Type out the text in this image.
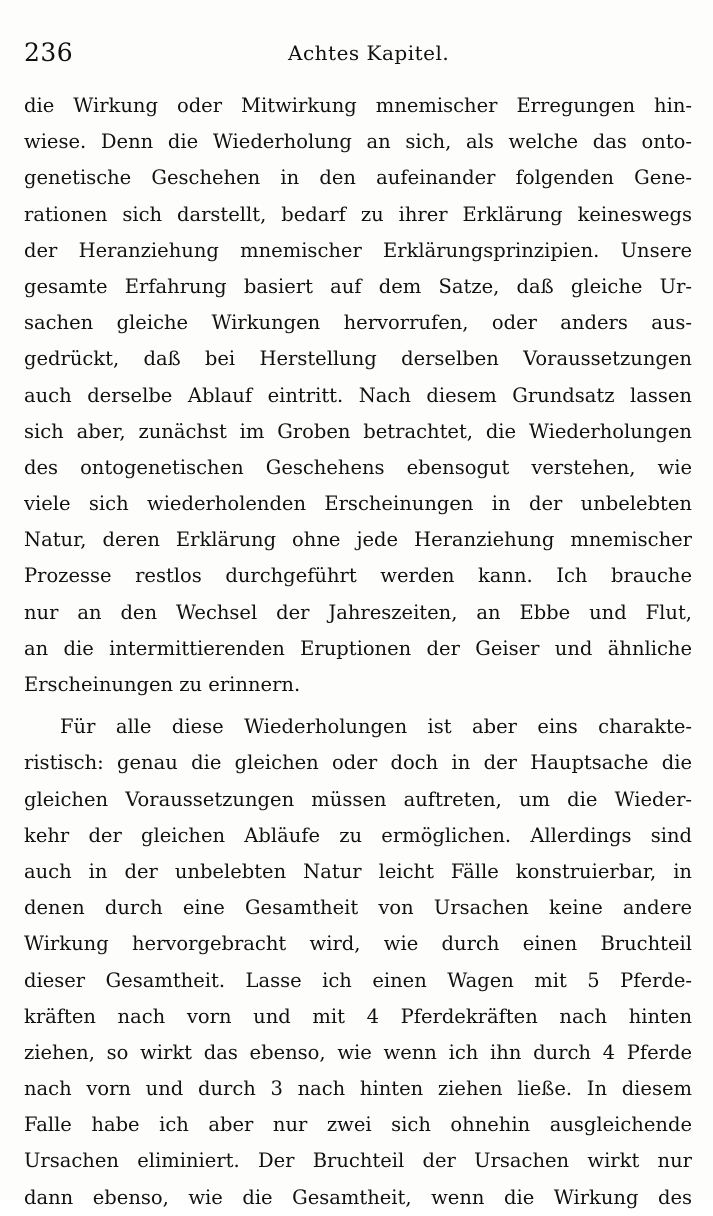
236	Achtes Kapitel.
die Wirkung oder Mitwirkung mnemischer Erregungen hin-
wiese. Denn die Wiederholung an sich, als welche das onto-
genetische Geschehen in den aufeinander folgenden Gene-
rationen sich darstellt, bedarf zu ihrer Erklärung keineswegs
der Heranziehung mnemischer Erklärungsprinzipien. Unsere
gesamte Erfahrung basiert auf dem Satze, daß gleiche Ur-
sachen gleiche Wirkungen hervorrufen, oder anders aus-
gedrückt, daß bei Herstellung derselben Voraussetzungen
auch derselbe Ablauf eintritt. Nach diesem Grundsatz lassen
sich aber, zunächst im Groben betrachtet, die Wiederholungen
des ontogenetischen Geschehens ebensogut verstehen, wie
viele sich wiederholenden Erscheinungen in der unbelebten
Natur, deren Erklärung ohne jede Heranziehung mnemischer
Prozesse restlos durchgeführt werden kann. Ich brauche
nur an den Wechsel der Jahreszeiten, an Ebbe und Flut,
an die intermittierenden Eruptionen der Geiser und ähnliche
Erscheinungen zu erinnern.
Für alle diese Wiederholungen ist aber eins charakte-
ristisch: genau die gleichen oder doch in der Hauptsache die
gleichen Voraussetzungen müssen auftreten, um die Wieder-
kehr der gleichen Abläufe zu ermöglichen. Allerdings sind
auch in der unbelebten Natur leicht Fälle konstruierbar, in
denen durch eine Gesamtheit von Ursachen keine andere
Wirkung hervorgebracht wird, wie durch einen Bruchteil
dieser Gesamtheit. Lasse ich einen Wagen mit 5 Pferde-
kräften nach vorn und mit 4 Pferdekräften nach hinten
ziehen, so wirkt das ebenso, wie wenn ich ihn durch 4 Pferde
nach vorn und durch 3 nach hinten ziehen ließe. In diesem
Falle habe ich aber nur zwei sich ohnehin ausgleichende
Ursachen eliminiert. Der Bruchteil der Ursachen wirkt nur
dann ebenso, wie die Gesamtheit, wenn die Wirkung des
